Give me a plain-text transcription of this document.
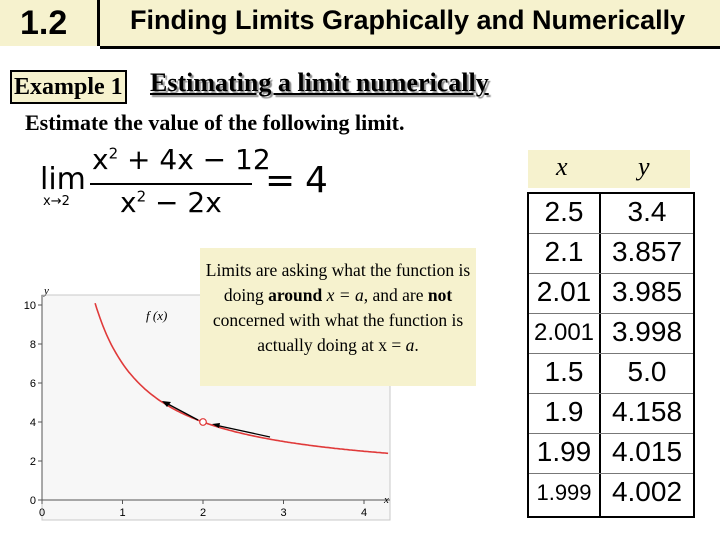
1.2 Finding Limits Graphically and Numerically
Example 1 Estimating a limit numerically
Estimate the value of the following limit.
lim
x→2
$x^2 + 4x - 12$
$x^2 - 2x$
= 4	x	y
2.5	3.4
2.1	3.857
2.01 3.985
2.001 3.998
1.5	5.0
1.9	4.158
1.99 4.015
1.999 4.002
10
8
6
4
2
0
0	1	2	3	4
y
x
f (x)
Limits are asking what the function is doing around x = a, and are not concerned with what the function is actually doing at x = a.
